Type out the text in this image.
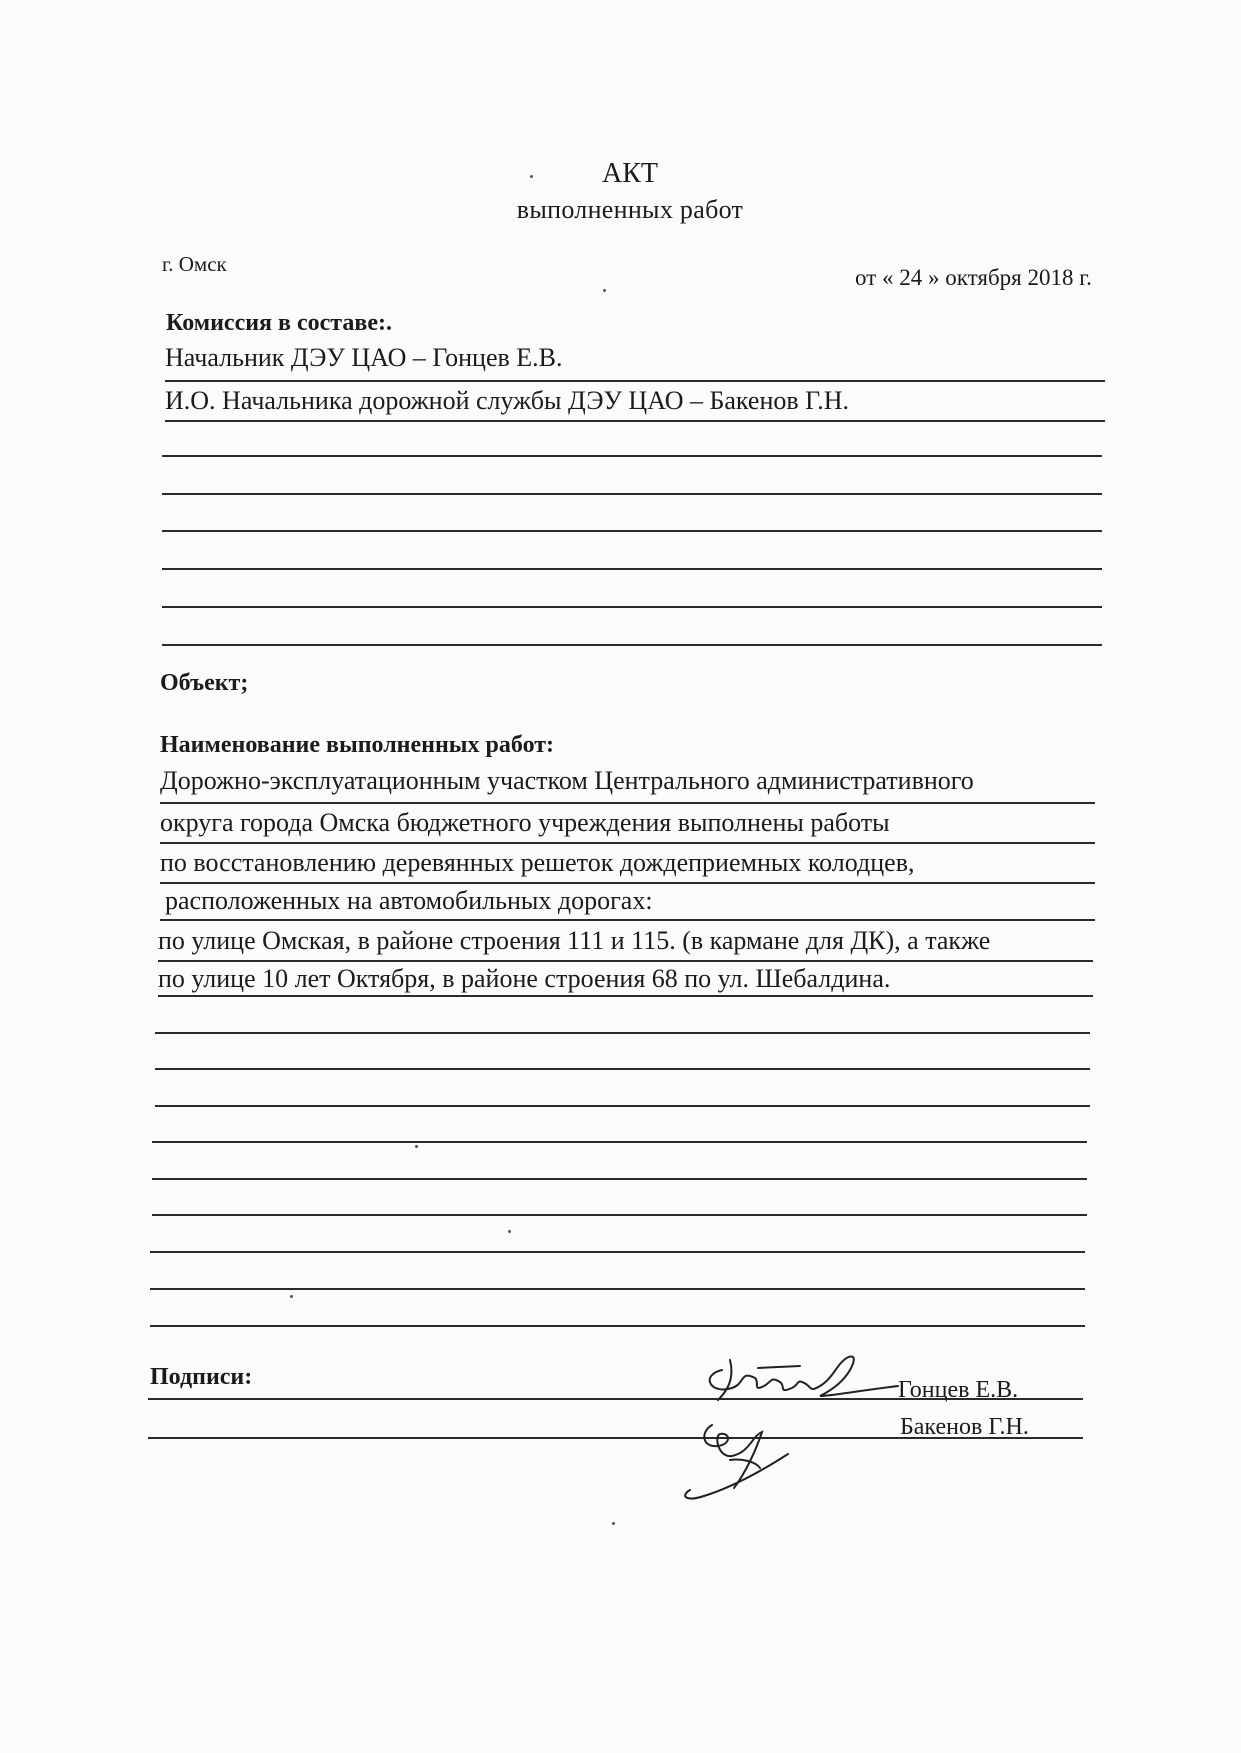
АКТ
выполненных работ
г. Омск
от « 24 » октября 2018 г.
Комиссия в составе:.
Начальник ДЭУ ЦАО – Гонцев Е.В.
И.О. Начальника дорожной службы ДЭУ ЦАО – Бакенов Г.Н.
Объект;
Наименование выполненных работ:
Дорожно-эксплуатационным участком Центрального административного
округа города Омска бюджетного учреждения выполнены работы
по восстановлению деревянных решеток дождеприемных колодцев,
расположенных на автомобильных дорогах:
по улице Омская, в районе строения 111 и 115. (в кармане для ДК), а также
по улице 10 лет Октября, в районе строения 68 по ул. Шебалдина.
Подписи:	Гонцев Е.В.
Бакенов Г.Н.
